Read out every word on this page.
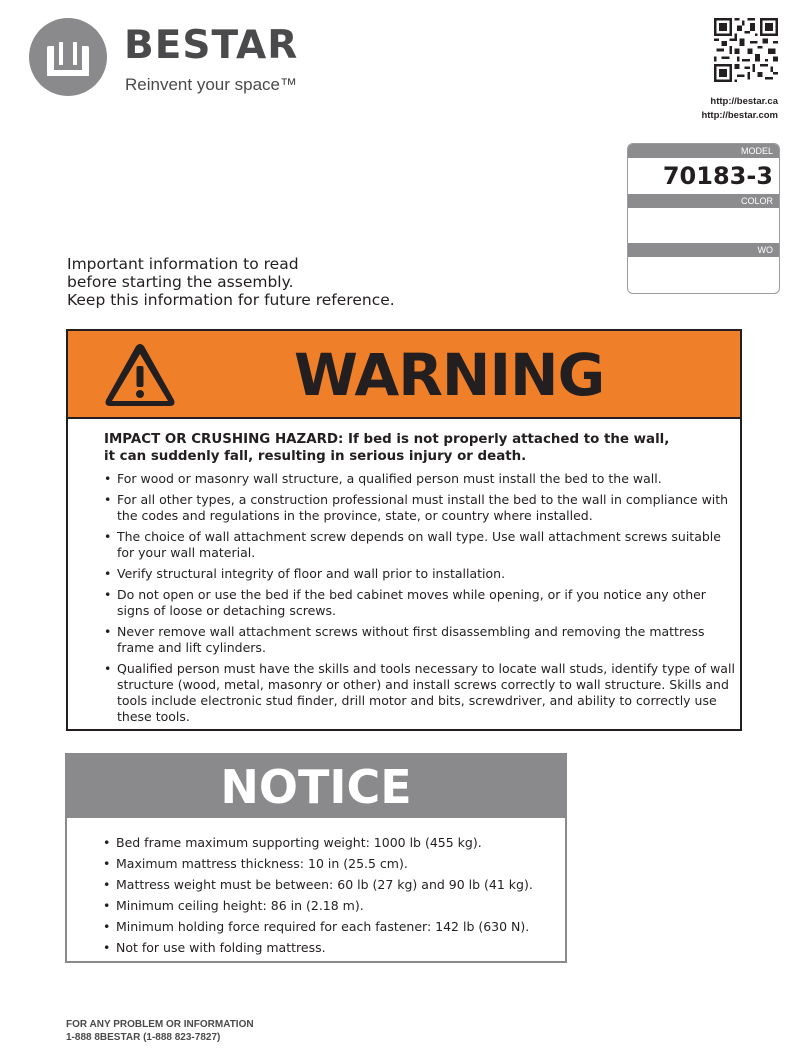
BESTAR
Reinvent your space™
http://bestar.ca
http://bestar.com
MODEL
70183-3
COLOR
WO
Important information to read
before starting the assembly.
Keep this information for future reference.
WARNING
IMPACT OR CRUSHING HAZARD: If bed is not properly attached to the wall,
it can suddenly fall, resulting in serious injury or death.
• For wood or masonry wall structure, a qualified person must install the bed to the wall.
• For all other types, a construction professional must install the bed to the wall in compliance with the codes and regulations in the province, state, or country where installed.
• The choice of wall attachment screw depends on wall type. Use wall attachment screws suitable for your wall material.
• Verify structural integrity of floor and wall prior to installation.
• Do not open or use the bed if the bed cabinet moves while opening, or if you notice any other signs of loose or detaching screws.
• Never remove wall attachment screws without first disassembling and removing the mattress frame and lift cylinders.
• Qualified person must have the skills and tools necessary to locate wall studs, identify type of wall structure (wood, metal, masonry or other) and install screws correctly to wall structure. Skills and tools include electronic stud finder, drill motor and bits, screwdriver, and ability to correctly use these tools.
NOTICE
• Bed frame maximum supporting weight: 1000 lb (455 kg).
• Maximum mattress thickness: 10 in (25.5 cm).
• Mattress weight must be between: 60 lb (27 kg) and 90 lb (41 kg).
• Minimum ceiling height: 86 in (2.18 m).
• Minimum holding force required for each fastener: 142 lb (630 N).
• Not for use with folding mattress.
FOR ANY PROBLEM OR INFORMATION
1-888 8BESTAR (1-888 823-7827)
